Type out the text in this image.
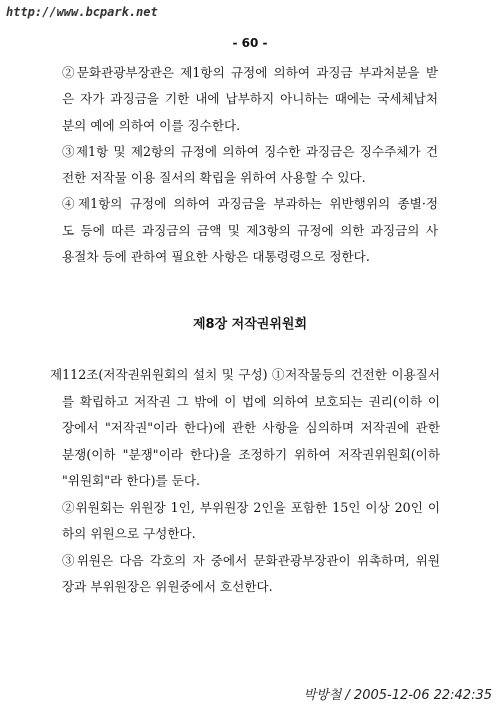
http://www.bcpark.net
- 60 -
②문화관광부장관은 제1항의 규정에 의하여 과징금 부과처분을 받
은 자가 과징금을 기한 내에 납부하지 아니하는 때에는 국세체납처
분의 예에 의하여 이를 징수한다.
③제1항 및 제2항의 규정에 의하여 징수한 과징금은 징수주체가 건
전한 저작물 이용 질서의 확립을 위하여 사용할 수 있다.
④제1항의 규정에 의하여 과징금을 부과하는 위반행위의 종별·정
도 등에 따른 과징금의 금액 및 제3항의 규정에 의한 과징금의 사
용절차 등에 관하여 필요한 사항은 대통령령으로 정한다.
제8장 저작권위원회
제112조(저작권위원회의 설치 및 구성) ①저작물등의 건전한 이용질서
를 확립하고 저작권 그 밖에 이 법에 의하여 보호되는 권리(이하 이
장에서 "저작권"이라 한다)에 관한 사항을 심의하며 저작권에 관한
분쟁(이하 "분쟁"이라 한다)을 조정하기 위하여 저작권위원회(이하
"위원회"라 한다)를 둔다.
②위원회는 위원장 1인, 부위원장 2인을 포함한 15인 이상 20인 이
하의 위원으로 구성한다.
③위원은 다음 각호의 자 중에서 문화관광부장관이 위촉하며, 위원
장과 부위원장은 위원중에서 호선한다.
박방철 / 2005-12-06 22:42:35
